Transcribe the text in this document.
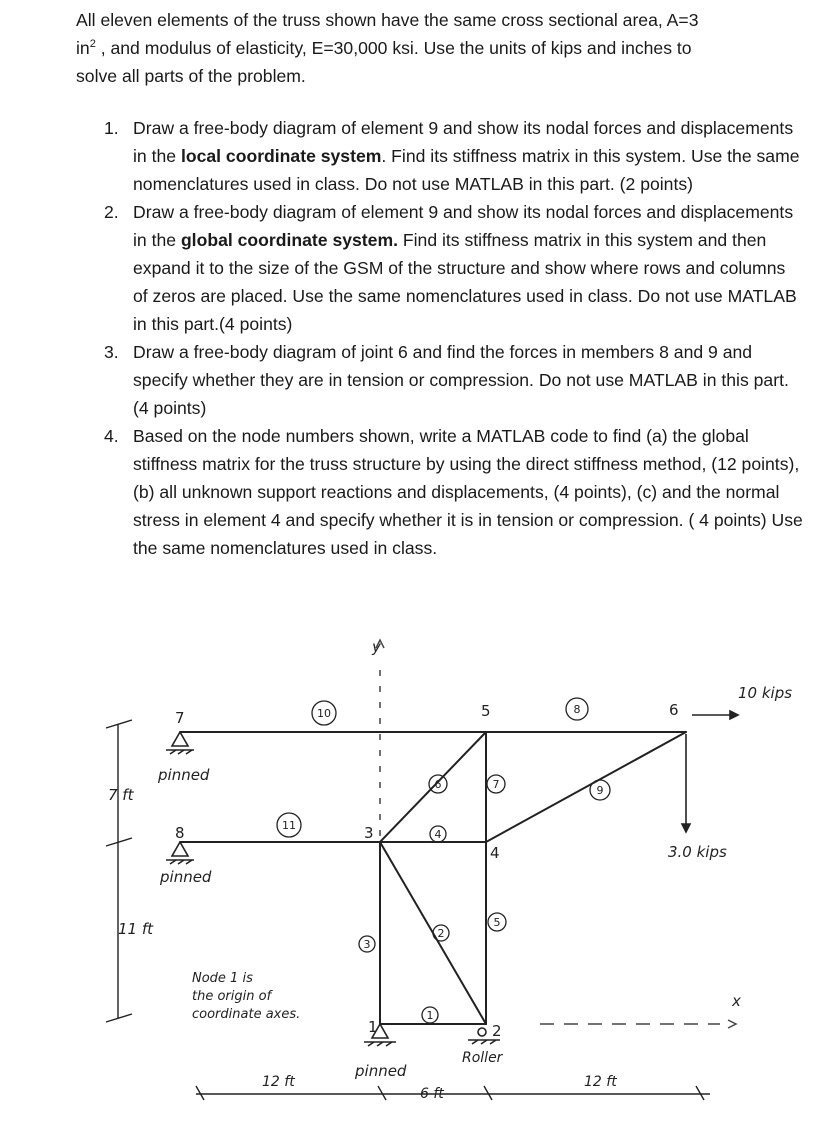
All eleven elements of the truss shown have the same cross sectional area, A=3
$in^2$ , and modulus of elasticity, E=30,000 ksi. Use the units of kips and inches to
solve all parts of the problem.
1. Draw a free-body diagram of element 9 and show its nodal forces and displacements in the local coordinate system. Find its stiffness matrix in this system. Use the same nomenclatures used in class. Do not use MATLAB in this part. (2 points)
2. Draw a free-body diagram of element 9 and show its nodal forces and displacements in the global coordinate system. Find its stiffness matrix in this system and then expand it to the size of the GSM of the structure and show where rows and columns of zeros are placed. Use the same nomenclatures used in class. Do not use MATLAB in this part.(4 points)
3. Draw a free-body diagram of joint 6 and find the forces in members 8 and 9 and specify whether they are in tension or compression. Do not use MATLAB in this part.(4 points)
4. Based on the node numbers shown, write a MATLAB code to find (a) the global stiffness matrix for the truss structure by using the direct stiffness method, (12 points), (b) all unknown support reactions and displacements, (4 points), (c) and the normal stress in element 4 and specify whether it is in tension or compression. ( 4 points) Use the same nomenclatures used in class.
y
x
10 kips
3.0 kips
7 ft
11 ft
12 ft
6 ft
12 ft
pinned
pinned
pinned
Roller
Node 1 is
the origin of
coordinate axes.
1	2
3
4
5	6
7
8
1
2
3
4
5
6	7
8
9
10
11
